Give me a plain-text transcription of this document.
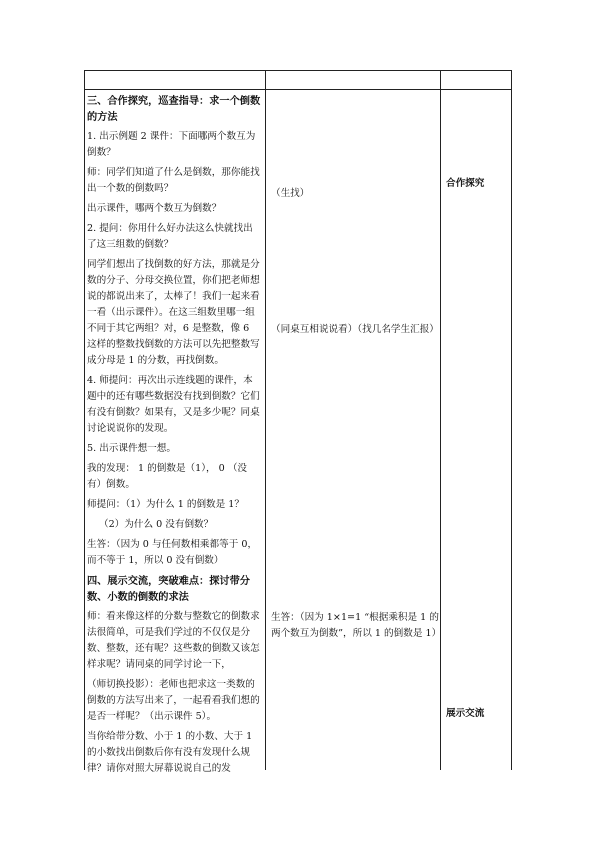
三、合作探究，巡查指导：求一个倒数的方法

1. 出示例题 2 课件：下面哪两个数互为倒数？

师：同学们知道了什么是倒数，那你能找出一个数的倒数吗？

出示课件，哪两个数互为倒数？

2. 提问：你用什么好办法这么快就找出了这三组数的倒数？

同学们想出了找倒数的好方法，那就是分数的分子、分母交换位置，你们把老师想说的都说出来了，太棒了！我们一起来看一看（出示课件）。在这三组数里哪一组不同于其它两组？对，6 是整数，像 6 这样的整数找倒数的方法可以先把整数写成分母是 1 的分数，再找倒数。

4. 师提问：再次出示连线题的课件，本题中的还有哪些数据没有找到倒数？它们有没有倒数？如果有，又是多少呢？同桌讨论说说你的发现。

5. 出示课件想一想。

我的发现： 1 的倒数是（1）， 0 （没有）倒数。

师提问：（1）为什么 1 的倒数是 1？

（2）为什么 0 没有倒数？

生答：（因为 0 与任何数相乘都等于 0，而不等于 1，所以 0 没有倒数）

四、展示交流，突破难点：探讨带分数、小数的倒数的求法

师：看来像这样的分数与整数它的倒数求法很简单，可是我们学过的不仅仅是分数、整数，还有呢？这些数的倒数又该怎样求呢？请同桌的同学讨论一下，

（师切换投影）：老师也把求这一类数的倒数的方法写出来了，一起看看我们想的是否一样呢？（出示课件 5）。

当你给带分数、小于 1 的小数、大于 1 的小数找出倒数后你有没有发现什么规律？请你对照大屏幕说说自己的发

（生找）
（同桌互相说说看）（找几名学生汇报）
生答：（因为 1×1=1 “根据乘积是 1 的两个数互为倒数”，所以 1 的倒数是 1）
合作探究
展示交流
